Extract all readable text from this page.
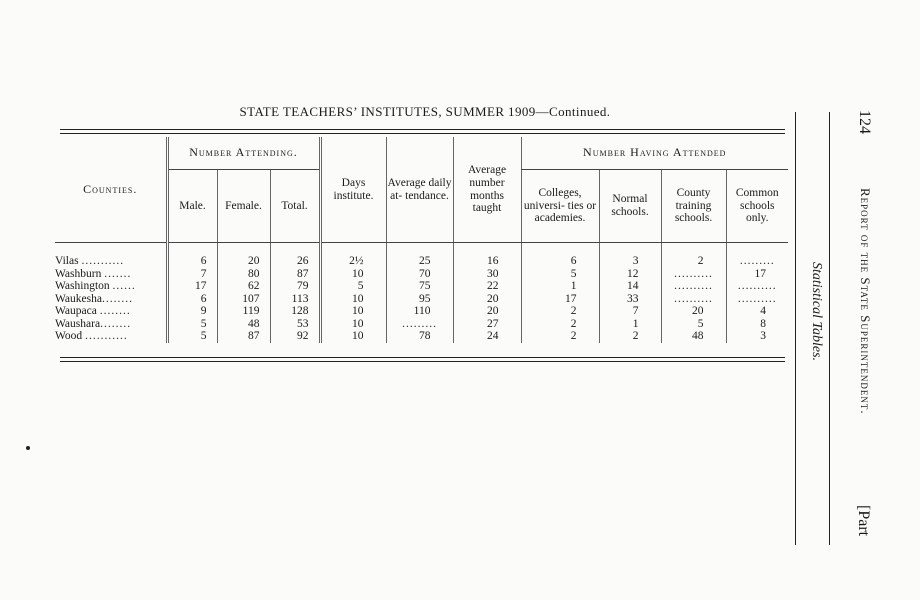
STATE TEACHERS’ INSTITUTES, SUMMER 1909—Continued.
Counties.	Number Attending.			Days institute.	Average daily at- tendance.	Average number months taught	Number Having Attended			
	Male.	Female.	Total.				Colleges, universi- ties or academies.	Normal schools.	County training schools.	Common schools only.
Vilas ...........	6	20	26	2½	25	16	6	3	2	.........
Washburn .......	7	80	87	10	70	30	5	12	..........	17
Washington ......	17	62	79	5	75	22	1	14	..........	..........
Waukesha........	6	107	113	10	95	20	17	33	..........	..........
Waupaca ........	9	119	128	10	110	20	2	7	20	4
Waushara........	5	48	53	10	.........	27	2	1	5	8
Wood ...........	5	87	92	10	78	24	2	2	48	3	Statistical Tables.
124
Report of the State Superintendent.
[Part
